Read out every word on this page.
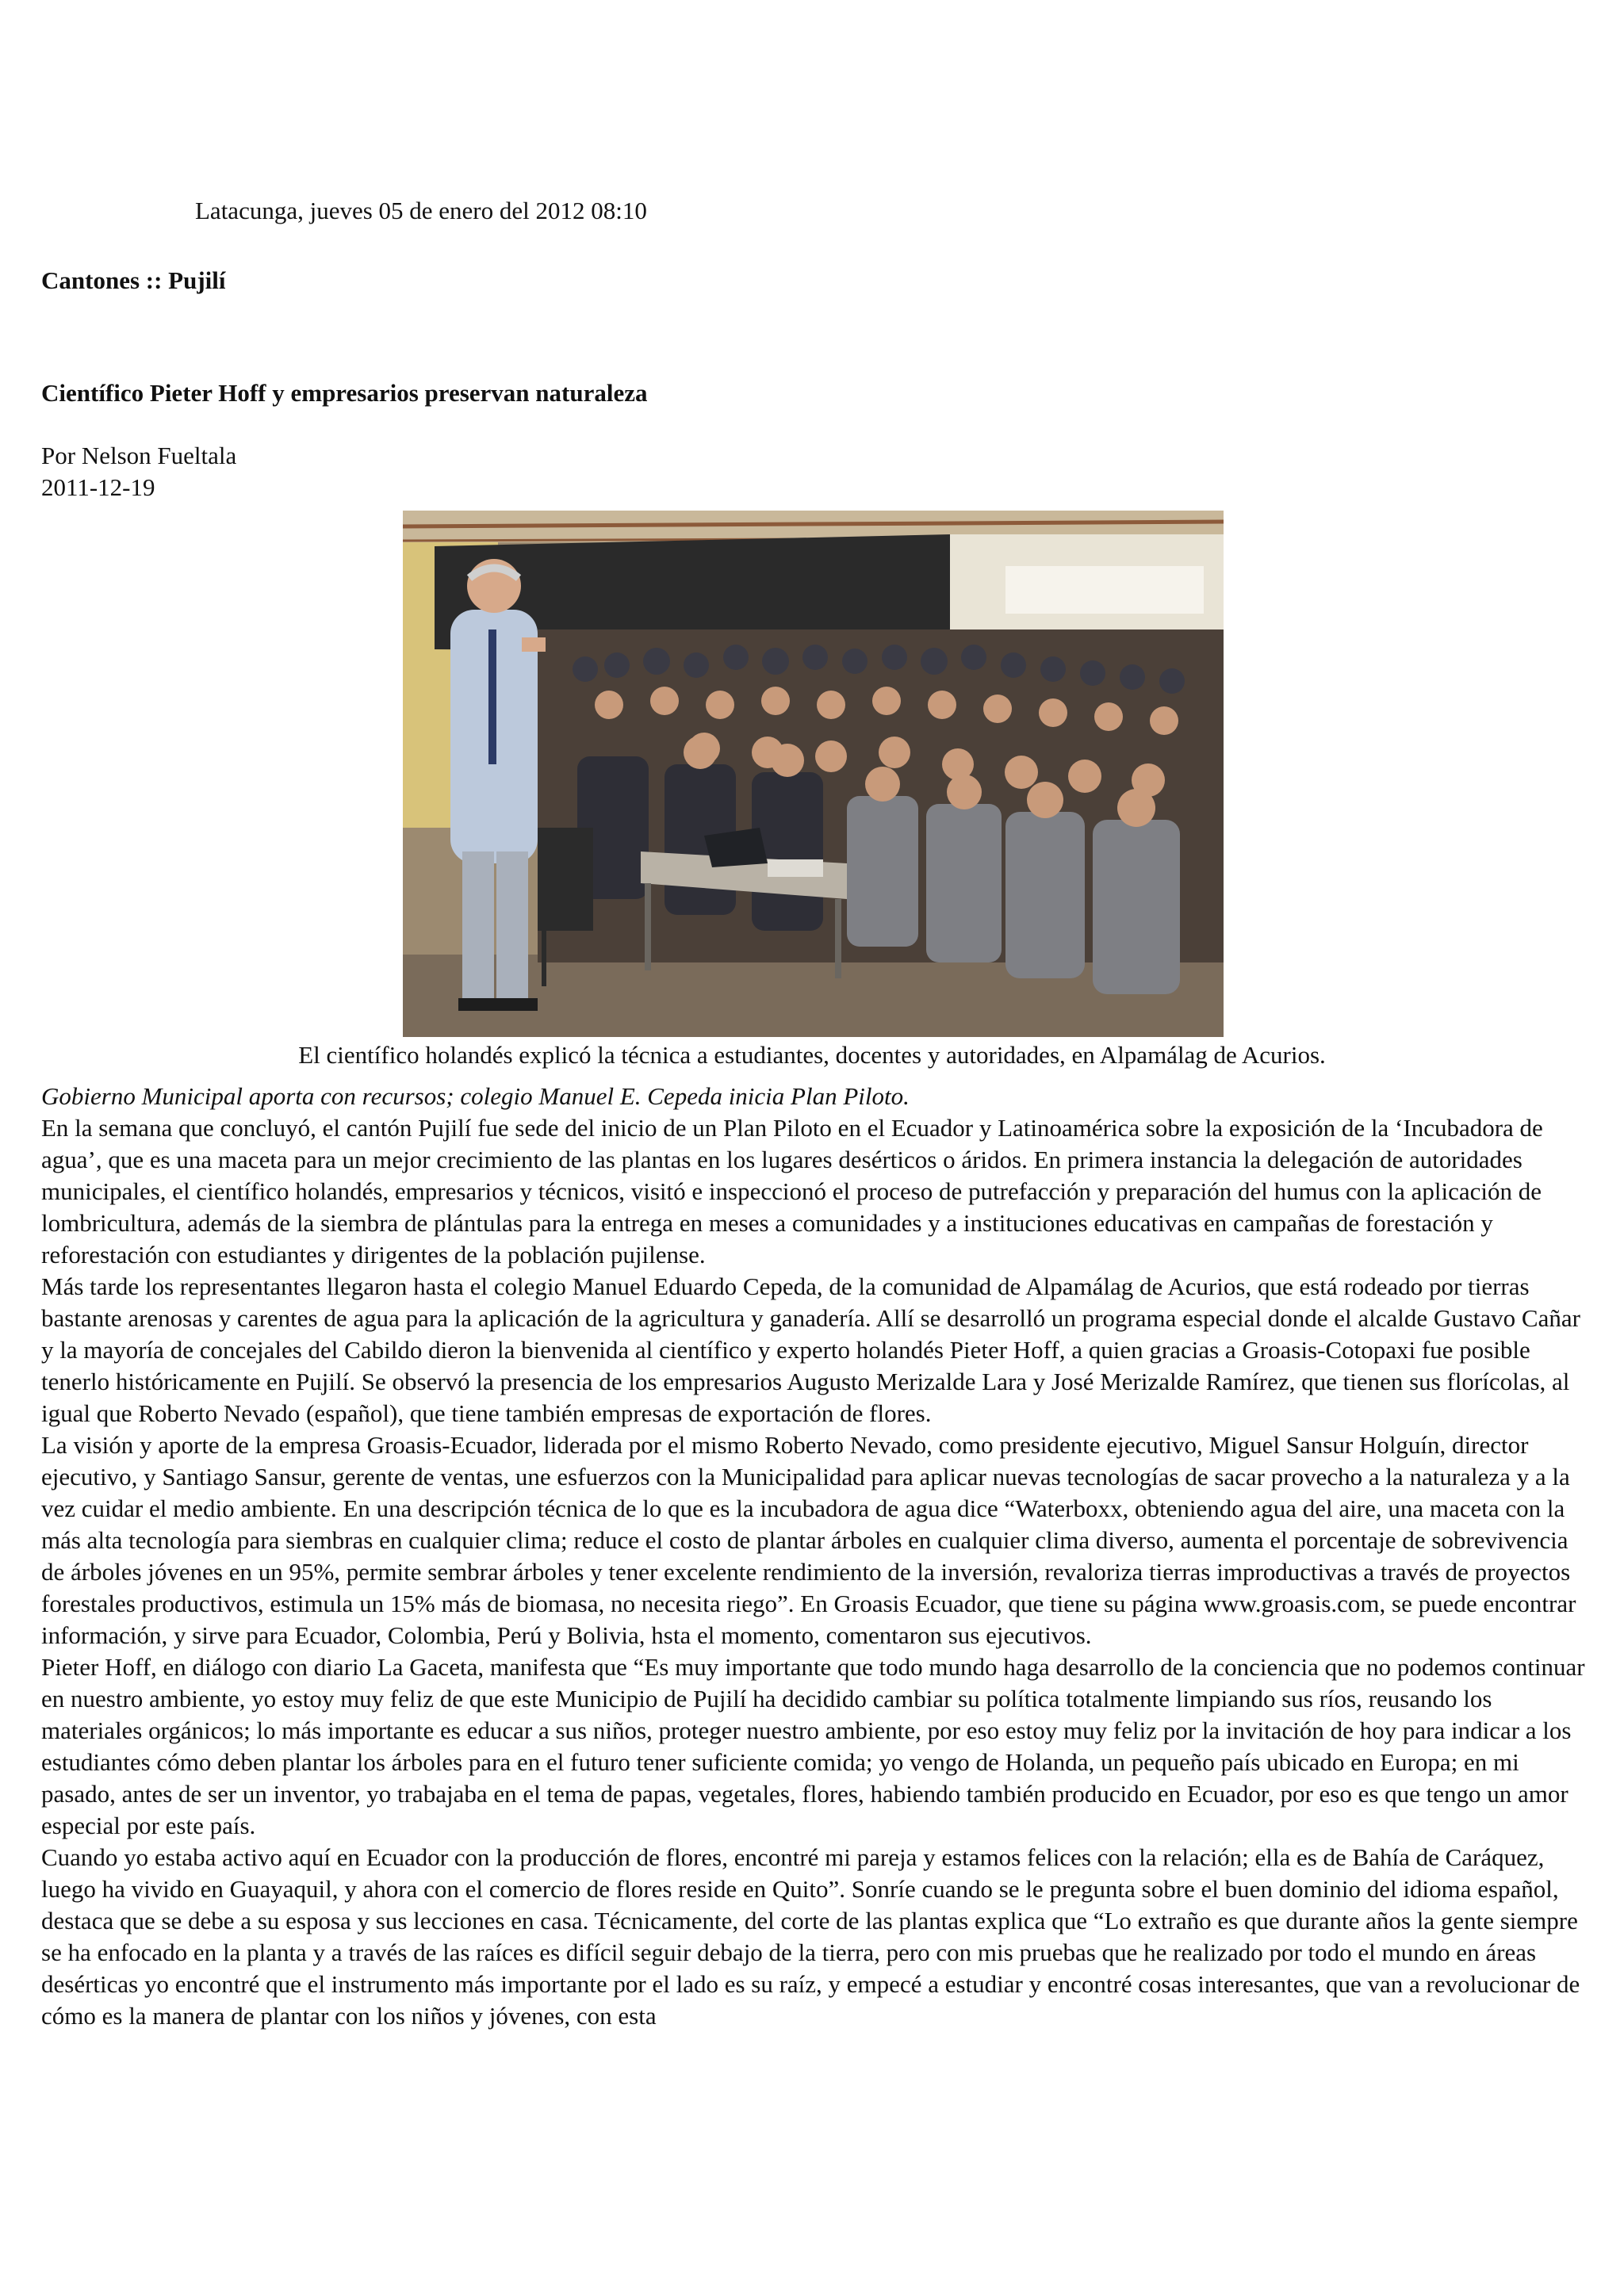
Latacunga, jueves 05 de enero del 2012 08:10
Cantones :: Pujilí
Científico Pieter Hoff y empresarios preservan naturaleza
Por Nelson Fueltala
2011-12-19
El científico holandés explicó la técnica a estudiantes, docentes y autoridades, en Alpamálag de Acurios.
Gobierno Municipal aporta con recursos; colegio Manuel E. Cepeda inicia Plan Piloto.

En la semana que concluyó, el cantón Pujilí fue sede del inicio de un Plan Piloto en el Ecuador y Latinoamérica sobre la exposición de la ‘Incubadora de agua’, que es una maceta para un mejor crecimiento de las plantas en los lugares desérticos o áridos. En primera instancia la delegación de autoridades municipales, el científico holandés, empresarios y técnicos, visitó e inspeccionó el proceso de putrefacción y preparación del humus con la aplicación de lombricultura, además de la siembra de plántulas para la entrega en meses a comunidades y a instituciones educativas en campañas de forestación y reforestación con estudiantes y dirigentes de la población pujilense.

Más tarde los representantes llegaron hasta el colegio Manuel Eduardo Cepeda, de la comunidad de Alpamálag de Acurios, que está rodeado por tierras bastante arenosas y carentes de agua para la aplicación de la agricultura y ganadería. Allí se desarrolló un programa especial donde el alcalde Gustavo Cañar y la mayoría de concejales del Cabildo dieron la bienvenida al científico y experto holandés Pieter Hoff, a quien gracias a Groasis-Cotopaxi fue posible tenerlo históricamente en Pujilí. Se observó la presencia de los empresarios Augusto Merizalde Lara y José Merizalde Ramírez, que tienen sus florícolas, al igual que Roberto Nevado (español), que tiene también empresas de exportación de flores.

La visión y aporte de la empresa Groasis-Ecuador, liderada por el mismo Roberto Nevado, como presidente ejecutivo, Miguel Sansur Holguín, director ejecutivo, y Santiago Sansur, gerente de ventas, une esfuerzos con la Municipalidad para aplicar nuevas tecnologías de sacar provecho a la naturaleza y a la vez cuidar el medio ambiente. En una descripción técnica de lo que es la incubadora de agua dice “Waterboxx, obteniendo agua del aire, una maceta con la más alta tecnología para siembras en cualquier clima; reduce el costo de plantar árboles en cualquier clima diverso, aumenta el porcentaje de sobrevivencia de árboles jóvenes en un 95%, permite sembrar árboles y tener excelente rendimiento de la inversión, revaloriza tierras improductivas a través de proyectos forestales productivos, estimula un 15% más de biomasa, no necesita riego”. En Groasis Ecuador, que tiene su página www.groasis.com, se puede encontrar información, y sirve para Ecuador, Colombia, Perú y Bolivia, hsta el momento, comentaron sus ejecutivos.

Pieter Hoff, en diálogo con diario La Gaceta, manifesta que “Es muy importante que todo mundo haga desarrollo de la conciencia que no podemos continuar en nuestro ambiente, yo estoy muy feliz de que este Municipio de Pujilí ha decidido cambiar su política totalmente limpiando sus ríos, reusando los materiales orgánicos; lo más importante es educar a sus niños, proteger nuestro ambiente, por eso estoy muy feliz por la invitación de hoy para indicar a los estudiantes cómo deben plantar los árboles para en el futuro tener suficiente comida; yo vengo de Holanda, un pequeño país ubicado en Europa; en mi pasado, antes de ser un inventor, yo trabajaba en el tema de papas, vegetales, flores, habiendo también producido en Ecuador, por eso es que tengo un amor especial por este país.

Cuando yo estaba activo aquí en Ecuador con la producción de flores, encontré mi pareja y estamos felices con la relación; ella es de Bahía de Caráquez, luego ha vivido en Guayaquil, y ahora con el comercio de flores reside en Quito”. Sonríe cuando se le pregunta sobre el buen dominio del idioma español, destaca que se debe a su esposa y sus lecciones en casa. Técnicamente, del corte de las plantas explica que “Lo extraño es que durante años la gente siempre se ha enfocado en la planta y a través de las raíces es difícil seguir debajo de la tierra, pero con mis pruebas que he realizado por todo el mundo en áreas desérticas yo encontré que el instrumento más importante por el lado es su raíz, y empecé a estudiar y encontré cosas interesantes, que van a revolucionar de cómo es la manera de plantar con los niños y jóvenes, con esta
